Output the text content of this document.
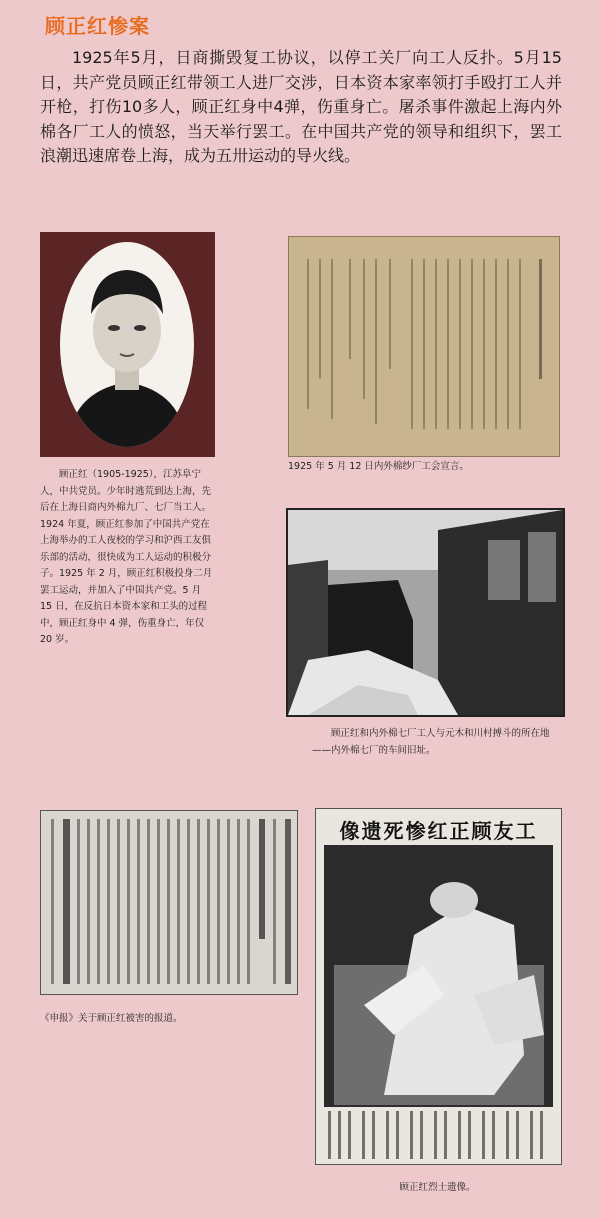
顾正红惨案

1925年5月，日商撕毁复工协议，以停工关厂向工人反扑。5月15日，共产党员顾正红带领工人进厂交涉，日本资本家率领打手殴打工人并开枪，打伤10多人，顾正红身中4弹，伤重身亡。屠杀事件激起上海内外棉各厂工人的愤怒，当天举行罢工。在中国共产党的领导和组织下，罢工浪潮迅速席卷上海，成为五卅运动的导火线。

顾正红（1905-1925），江苏阜宁人，中共党员。少年时逃荒到达上海，先后在上海日商内外棉九厂、七厂当工人。1924 年夏，顾正红参加了中国共产党在上海举办的工人夜校的学习和沪西工友俱乐部的活动，很快成为工人运动的积极分子。1925 年 2 月，顾正红积极投身二月罢工运动，并加入了中国共产党。5 月 15 日，在反抗日本资本家和工头的过程中，顾正红身中 4 弹，伤重身亡，年仅 20 岁。

1925 年 5 月 12 日内外棉纱厂工会宣言。

顾正红和内外棉七厂工人与元木和川村搏斗的所在地——内外棉七厂的车间旧址。

《申报》关于顾正红被害的报道。

工友顾正红惨死遗像

顾正红烈士遗像。
